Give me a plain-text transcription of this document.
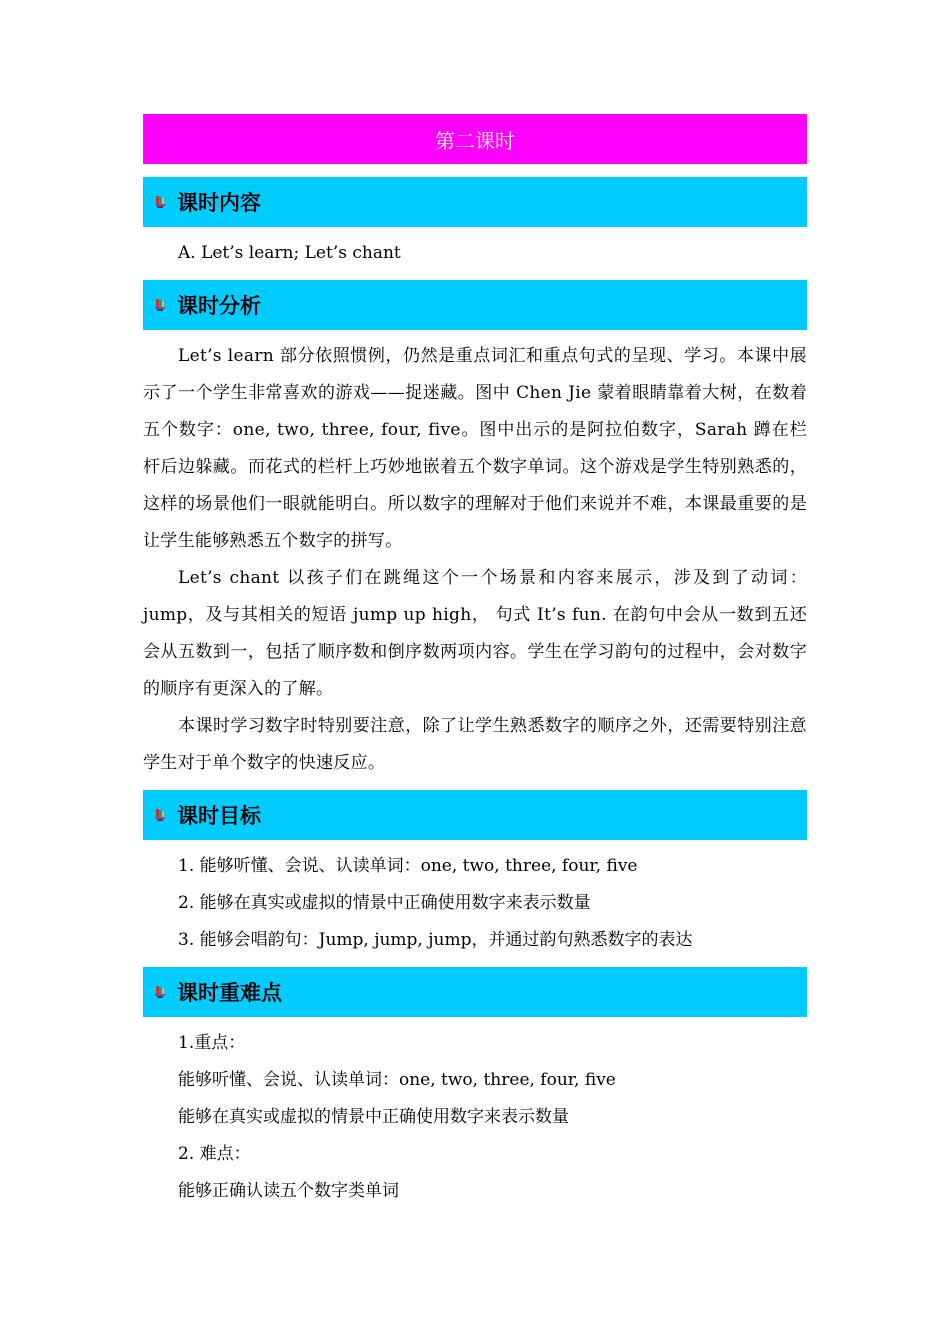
第二课时
课时内容
A. Let’s learn; Let’s chant
课时分析
Let’s learn 部分依照惯例，仍然是重点词汇和重点句式的呈现、学习。本课中展示了一个学生非常喜欢的游戏——捉迷藏。图中 Chen Jie 蒙着眼睛靠着大树，在数着五个数字：one, two, three, four, five。图中出示的是阿拉伯数字，Sarah 蹲在栏杆后边躲藏。而花式的栏杆上巧妙地嵌着五个数字单词。这个游戏是学生特别熟悉的，这样的场景他们一眼就能明白。所以数字的理解对于他们来说并不难，本课最重要的是让学生能够熟悉五个数字的拼写。
Let’s chant 以孩子们在跳绳这个一个场景和内容来展示，涉及到了动词：jump，及与其相关的短语 jump up high， 句式 It’s fun. 在韵句中会从一数到五还会从五数到一，包括了顺序数和倒序数两项内容。学生在学习韵句的过程中，会对数字的顺序有更深入的了解。
本课时学习数字时特别要注意，除了让学生熟悉数字的顺序之外，还需要特别注意学生对于单个数字的快速反应。
课时目标
1. 能够听懂、会说、认读单词：one, two, three, four, five
2. 能够在真实或虚拟的情景中正确使用数字来表示数量
3. 能够会唱韵句：Jump, jump, jump，并通过韵句熟悉数字的表达
课时重难点
1.重点：
能够听懂、会说、认读单词：one, two, three, four, five
能够在真实或虚拟的情景中正确使用数字来表示数量
2. 难点：
能够正确认读五个数字类单词
